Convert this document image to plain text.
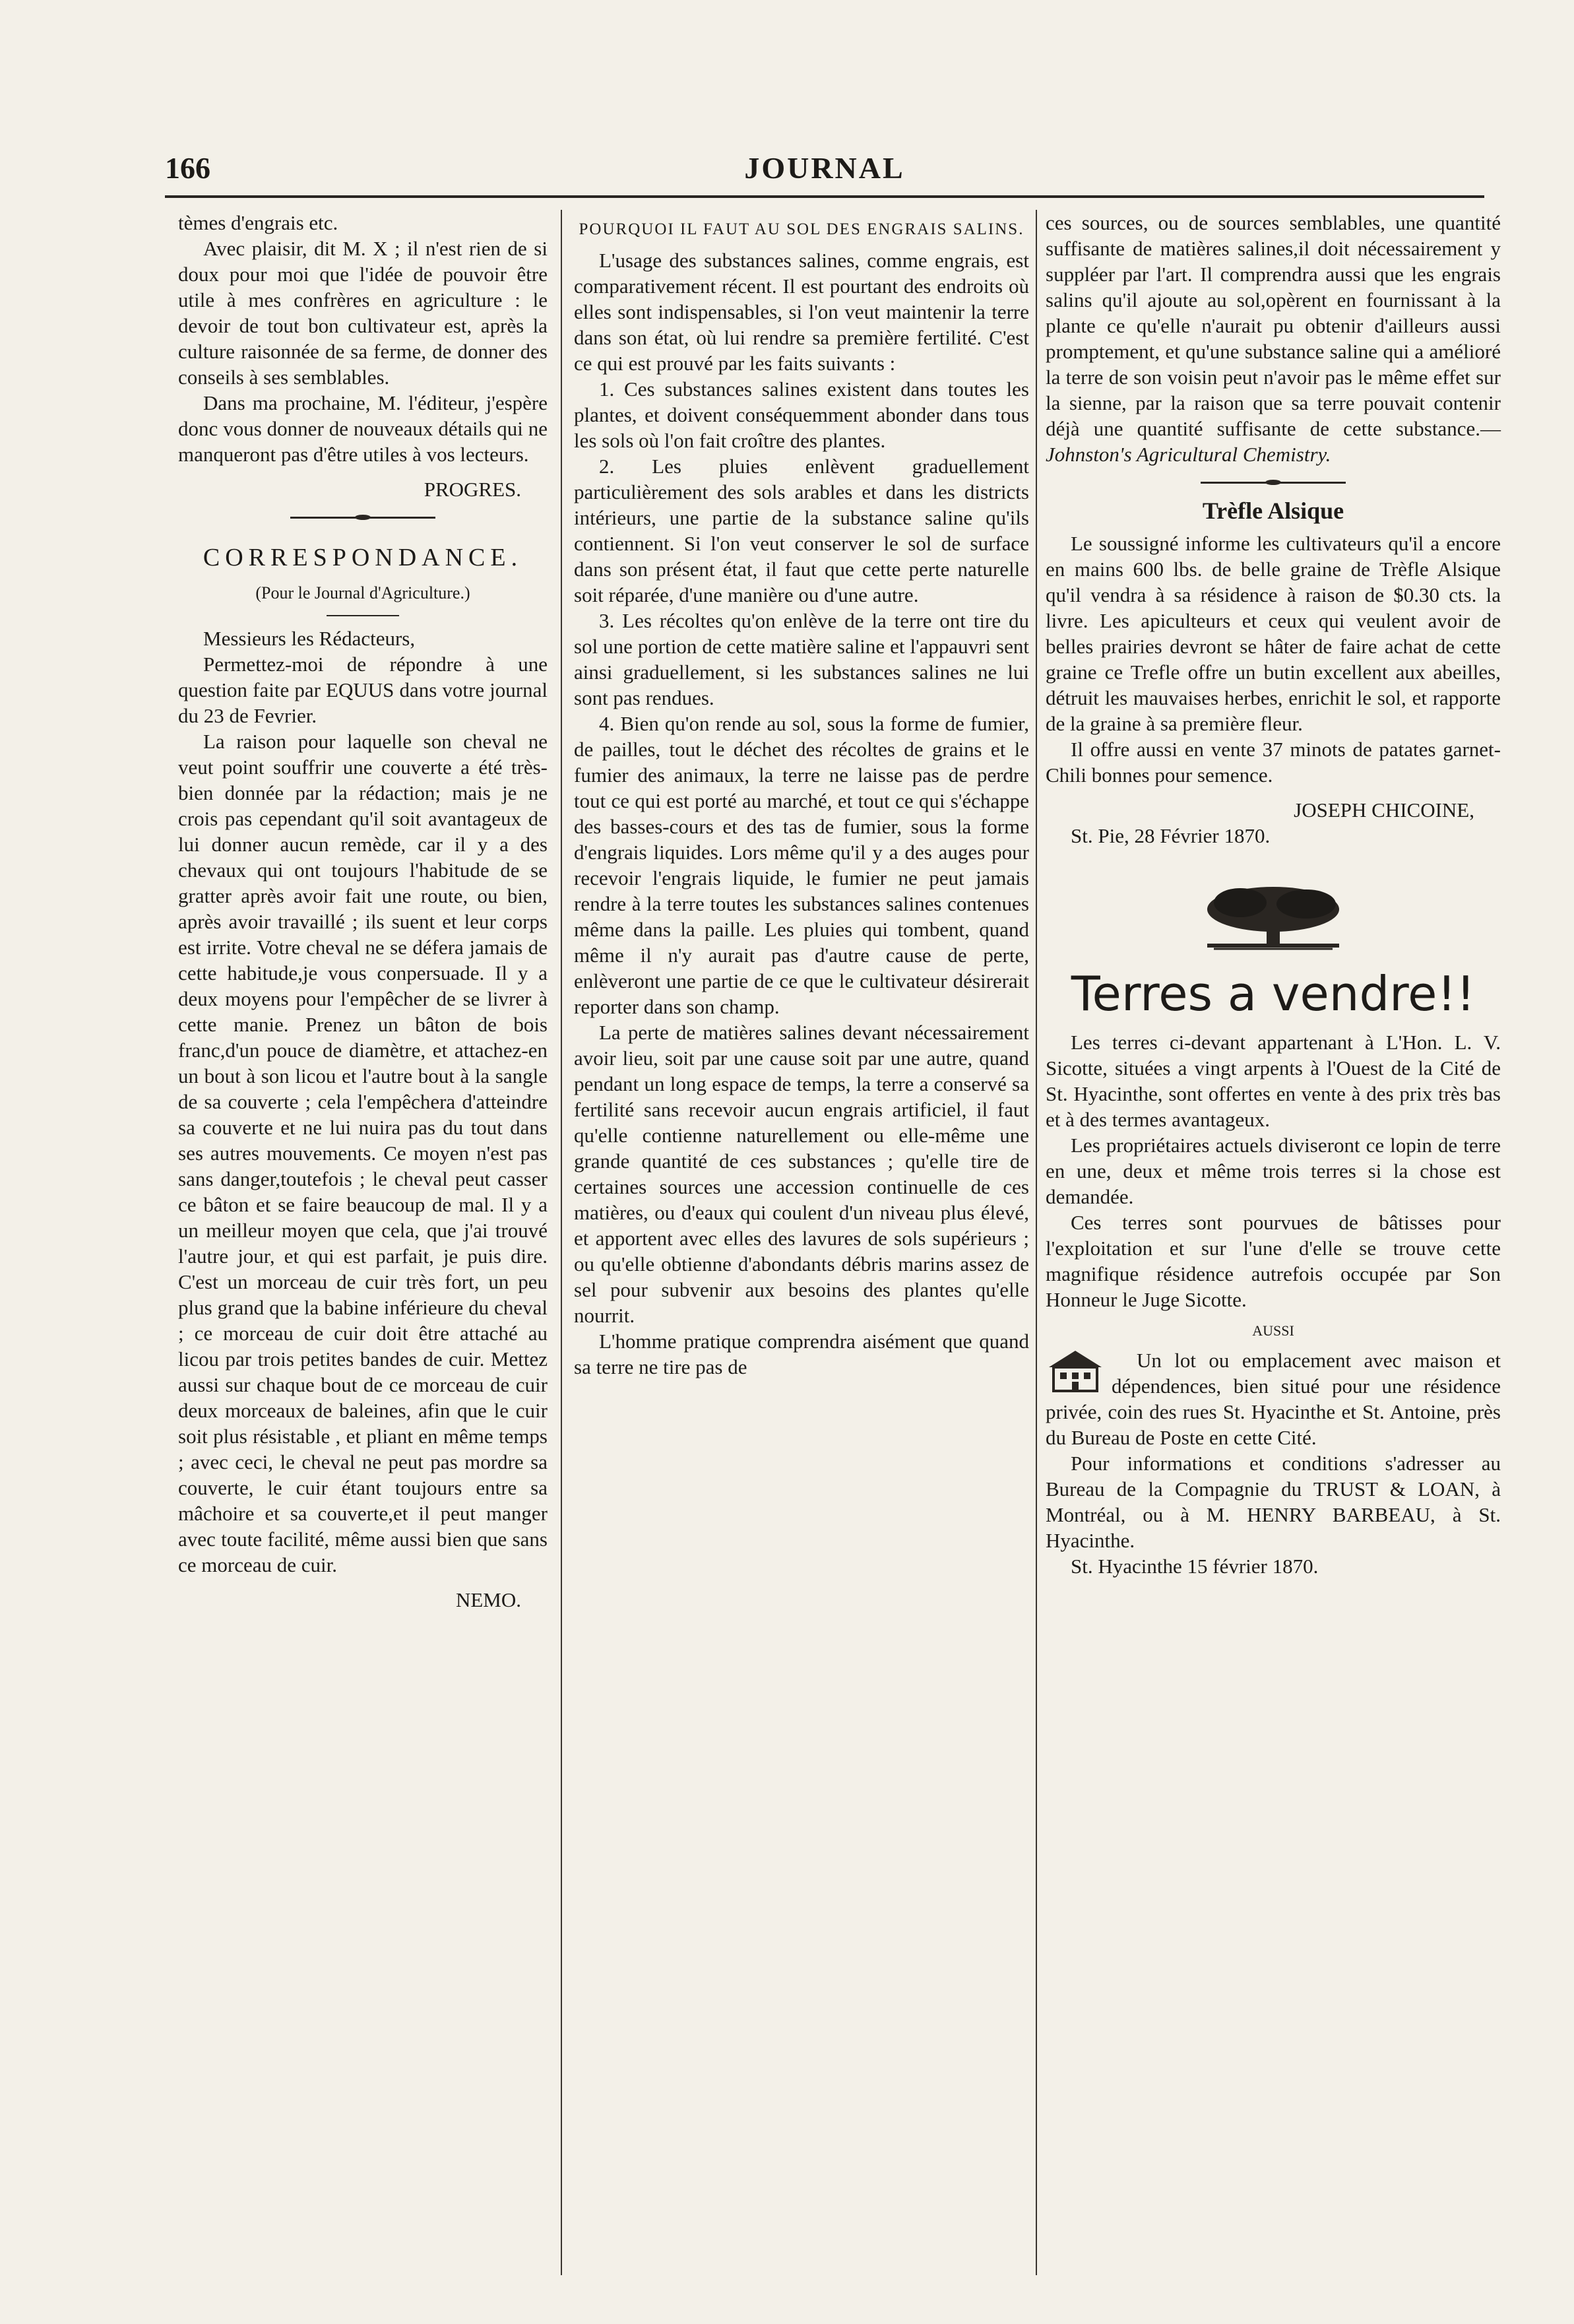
166	JOURNAL

tèmes d'engrais etc.

Avec plaisir, dit M. X ; il n'est rien de si doux pour moi que l'idée de pouvoir être utile à mes confrères en agriculture : le devoir de tout bon cultivateur est, après la culture raisonnée de sa ferme, de donner des conseils à ses semblables.

Dans ma prochaine, M. l'éditeur, j'espère donc vous donner de nouveaux détails qui ne manqueront pas d'être utiles à vos lecteurs.

PROGRES.

CORRESPONDANCE.

(Pour le Journal d'Agriculture.)

Messieurs les Rédacteurs,

Permettez-moi de répondre à une question faite par EQUUS dans votre journal du 23 de Fevrier.

La raison pour laquelle son cheval ne veut point souffrir une couverte a été très-bien donnée par la rédaction; mais je ne crois pas cependant qu'il soit avantageux de lui donner aucun remède, car il y a des chevaux qui ont toujours l'habitude de se gratter après avoir fait une route, ou bien, après avoir travaillé ; ils suent et leur corps est irrite. Votre cheval ne se défera jamais de cette habitude,je vous conpersuade. Il y a deux moyens pour l'empêcher de se livrer à cette manie. Prenez un bâton de bois franc,d'un pouce de diamètre, et attachez-en un bout à son licou et l'autre bout à la sangle de sa couverte ; cela l'empêchera d'atteindre sa couverte et ne lui nuira pas du tout dans ses autres mouvements. Ce moyen n'est pas sans danger,toutefois ; le cheval peut casser ce bâton et se faire beaucoup de mal. Il y a un meilleur moyen que cela, que j'ai trouvé l'autre jour, et qui est parfait, je puis dire. C'est un morceau de cuir très fort, un peu plus grand que la babine inférieure du cheval ; ce morceau de cuir doit être attaché au licou par trois petites bandes de cuir. Mettez aussi sur chaque bout de ce morceau de cuir deux morceaux de baleines, afin que le cuir soit plus résistable , et pliant en même temps ; avec ceci, le cheval ne peut pas mordre sa couverte, le cuir étant toujours entre sa mâchoire et sa couverte,et il peut manger avec toute facilité, même aussi bien que sans ce morceau de cuir.

NEMO.

POURQUOI IL FAUT AU SOL DES ENGRAIS SALINS.

L'usage des substances salines, comme engrais, est comparativement récent. Il est pourtant des endroits où elles sont indispensables, si l'on veut maintenir la terre dans son état, où lui rendre sa première fertilité. C'est ce qui est prouvé par les faits suivants :

1. Ces substances salines existent dans toutes les plantes, et doivent conséquemment abonder dans tous les sols où l'on fait croître des plantes.

2. Les pluies enlèvent graduellement particulièrement des sols arables et dans les districts intérieurs, une partie de la substance saline qu'ils contiennent. Si l'on veut conserver le sol de surface dans son présent état, il faut que cette perte naturelle soit réparée, d'une manière ou d'une autre.

3. Les récoltes qu'on enlève de la terre ont tire du sol une portion de cette matière saline et l'appauvri sent ainsi graduellement, si les substances salines ne lui sont pas rendues.

4. Bien qu'on rende au sol, sous la forme de fumier, de pailles, tout le déchet des récoltes de grains et le fumier des animaux, la terre ne laisse pas de perdre tout ce qui est porté au marché, et tout ce qui s'échappe des basses-cours et des tas de fumier, sous la forme d'engrais liquides. Lors même qu'il y a des auges pour recevoir l'engrais liquide, le fumier ne peut jamais rendre à la terre toutes les substances salines contenues même dans la paille. Les pluies qui tombent, quand même il n'y aurait pas d'autre cause de perte, enlèveront une partie de ce que le cultivateur désirerait reporter dans son champ.

La perte de matières salines devant nécessairement avoir lieu, soit par une cause soit par une autre, quand pendant un long espace de temps, la terre a conservé sa fertilité sans recevoir aucun engrais artificiel, il faut qu'elle contienne naturellement ou elle-même une grande quantité de ces substances ; qu'elle tire de certaines sources une accession continuelle de ces matières, ou d'eaux qui coulent d'un niveau plus élevé, et apportent avec elles des lavures de sols supérieurs ; ou qu'elle obtienne d'abondants débris marins assez de sel pour subvenir aux besoins des plantes qu'elle nourrit.

L'homme pratique comprendra aisément que quand sa terre ne tire pas de

ces sources, ou de sources semblables, une quantité suffisante de matières salines,il doit nécessairement y suppléer par l'art. Il comprendra aussi que les engrais salins qu'il ajoute au sol,opèrent en fournissant à la plante ce qu'elle n'aurait pu obtenir d'ailleurs aussi promptement, et qu'une substance saline qui a amélioré la terre de son voisin peut n'avoir pas le même effet sur la sienne, par la raison que sa terre pouvait contenir déjà une quantité suffisante de cette substance.—Johnston's Agricultural Chemistry.

Trèfle Alsique

Le soussigné informe les cultivateurs qu'il a encore en mains 600 lbs. de belle graine de Trèfle Alsique qu'il vendra à sa résidence à raison de $0.30 cts. la livre. Les apiculteurs et ceux qui veulent avoir de belles prairies devront se hâter de faire achat de cette graine ce Trefle offre un butin excellent aux abeilles, détruit les mauvaises herbes, enrichit le sol, et rapporte de la graine à sa première fleur.

Il offre aussi en vente 37 minots de patates garnet-Chili bonnes pour semence.

JOSEPH CHICOINE,

St. Pie, 28 Février 1870.

Terres a vendre!!

Les terres ci-devant appartenant à L'Hon. L. V. Sicotte, situées a vingt arpents à l'Ouest de la Cité de St. Hyacinthe, sont offertes en vente à des prix très bas et à des termes avantageux.

Les propriétaires actuels diviseront ce lopin de terre en une, deux et même trois terres si la chose est demandée.

Ces terres sont pourvues de bâtisses pour l'exploitation et sur l'une d'elle se trouve cette magnifique résidence autrefois occupée par Son Honneur le Juge Sicotte.

AUSSI

Un lot ou emplacement avec maison et dépendences, bien situé pour une résidence privée, coin des rues St. Hyacinthe et St. Antoine, près du Bureau de Poste en cette Cité.

Pour informations et conditions s'adresser au Bureau de la Compagnie du TRUST & LOAN, à Montréal, ou à M. HENRY BARBEAU, à St. Hyacinthe.

St. Hyacinthe 15 février 1870.
